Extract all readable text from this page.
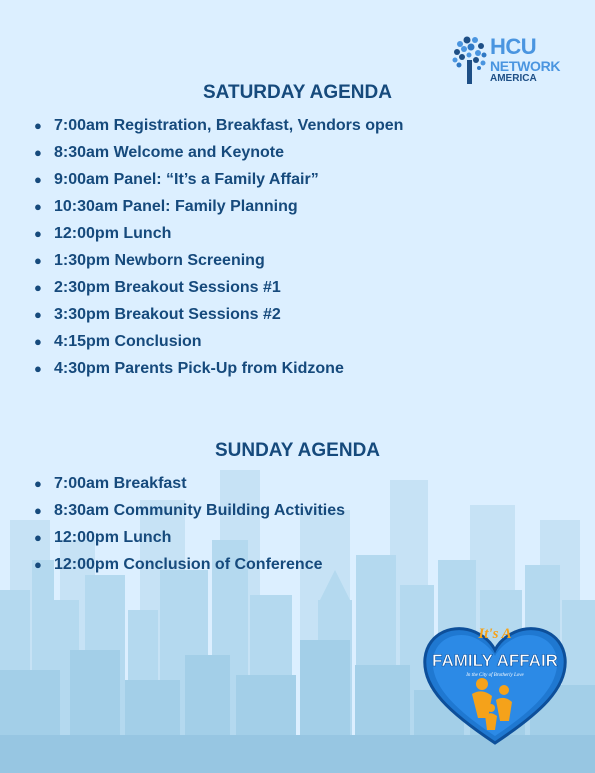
HCU
NETWORK
AMERICA
SATURDAY AGENDA
● 7:00am Registration, Breakfast, Vendors open
● 8:30am Welcome and Keynote
● 9:00am Panel: “It’s a Family Affair”
● 10:30am Panel: Family Planning
● 12:00pm Lunch
● 1:30pm Newborn Screening
● 2:30pm Breakout Sessions #1
● 3:30pm Breakout Sessions #2
● 4:15pm Conclusion
● 4:30pm Parents Pick-Up from Kidzone
SUNDAY AGENDA
● 7:00am Breakfast
● 8:30am Community Building Activities
● 12:00pm Lunch
● 12:00pm Conclusion of Conference
It's A
FAMILY AFFAIR
In the City of Brotherly Love
